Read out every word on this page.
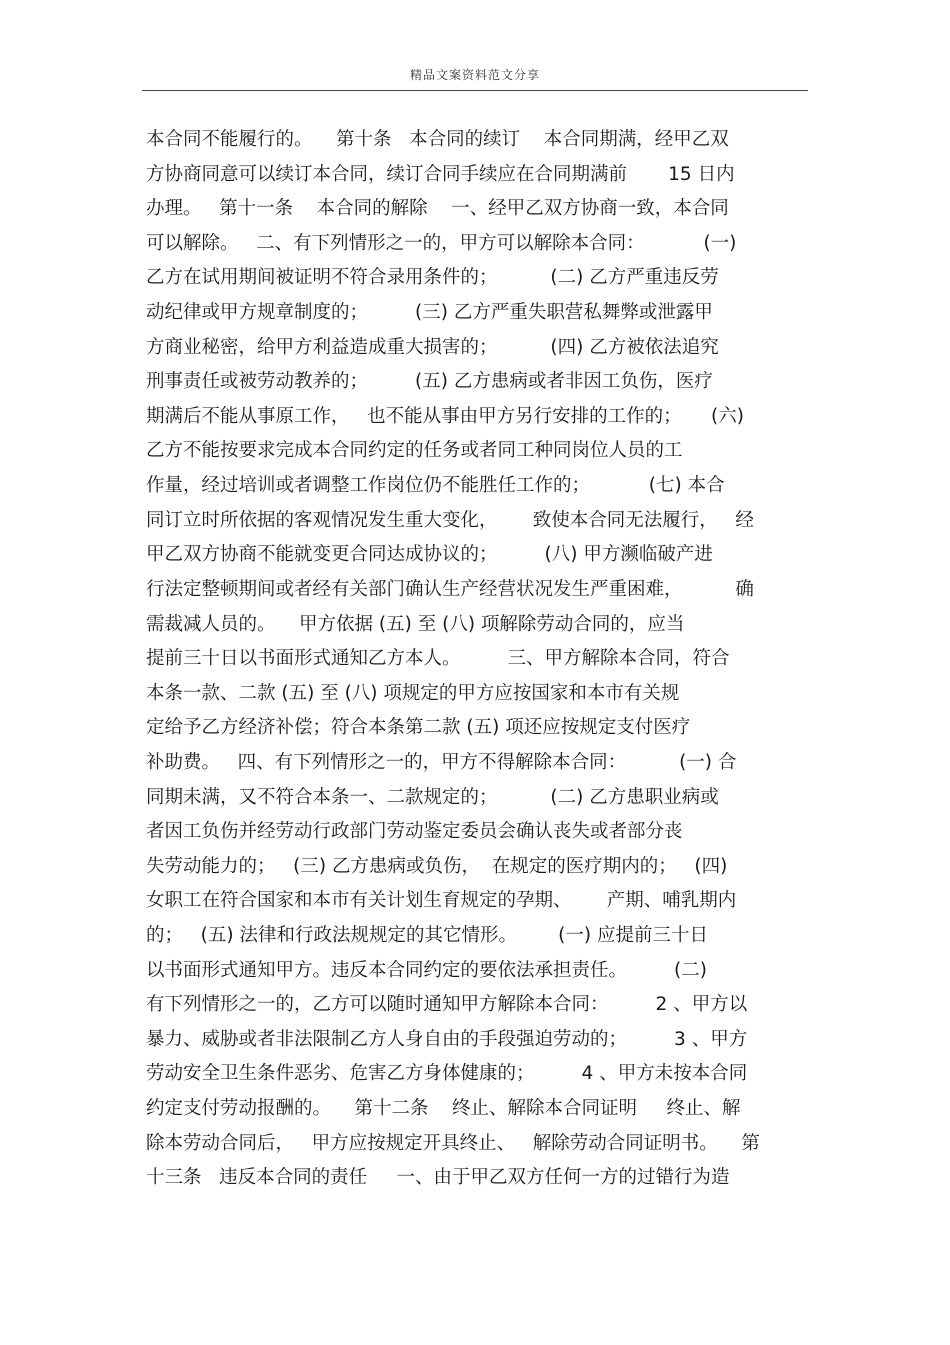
精品文案资料范文分享
本合同不能履行的。    第十条   本合同的续订    本合同期满，经甲乙双
方协商同意可以续订本合同，续订合同手续应在合同期满前       15 日内
办理。   第十一条    本合同的解除    一、经甲乙双方协商一致，本合同
可以解除。   二、有下列情形之一的，甲方可以解除本合同：          (一)
乙方在试用期间被证明不符合录用条件的；         (二) 乙方严重违反劳
动纪律或甲方规章制度的；        (三) 乙方严重失职营私舞弊或泄露甲
方商业秘密，给甲方利益造成重大损害的；         (四) 乙方被依法追究
刑事责任或被劳动教养的；        (五) 乙方患病或者非因工负伤，医疗
期满后不能从事原工作，   也不能从事由甲方另行安排的工作的；     (六)
乙方不能按要求完成本合同约定的任务或者同工种同岗位人员的工
作量，经过培训或者调整工作岗位仍不能胜任工作的；          (七) 本合
同订立时所依据的客观情况发生重大变化，      致使本合同无法履行，   经
甲乙双方协商不能就变更合同达成协议的；        (八) 甲方濒临破产进
行法定整顿期间或者经有关部门确认生产经营状况发生严重困难，         确
需裁减人员的。    甲方依据 (五) 至 (八) 项解除劳动合同的，应当
提前三十日以书面形式通知乙方本人。        三、甲方解除本合同，符合
本条一款、二款 (五) 至 (八) 项规定的甲方应按国家和本市有关规
定给予乙方经济补偿；符合本条第二款 (五) 项还应按规定支付医疗
补助费。   四、有下列情形之一的，甲方不得解除本合同：         (一) 合
同期未满，又不符合本条一、二款规定的；         (二) 乙方患职业病或
者因工负伤并经劳动行政部门劳动鉴定委员会确认丧失或者部分丧
失劳动能力的；   (三) 乙方患病或负伤，  在规定的医疗期内的；   (四)
女职工在符合国家和本市有关计划生育规定的孕期、      产期、哺乳期内
的；   (五) 法律和行政法规规定的其它情形。       (一) 应提前三十日
以书面形式通知甲方。违反本合同约定的要依法承担责任。        (二)
有下列情形之一的，乙方可以随时通知甲方解除本合同：        2 、甲方以
暴力、威胁或者非法限制乙方人身自由的手段强迫劳动的；        3 、甲方
劳动安全卫生条件恶劣、危害乙方身体健康的；        4 、甲方未按本合同
约定支付劳动报酬的。    第十二条    终止、解除本合同证明     终止、解
除本劳动合同后，   甲方应按规定开具终止、   解除劳动合同证明书。    第
十三条   违反本合同的责任     一、由于甲乙双方任何一方的过错行为造
